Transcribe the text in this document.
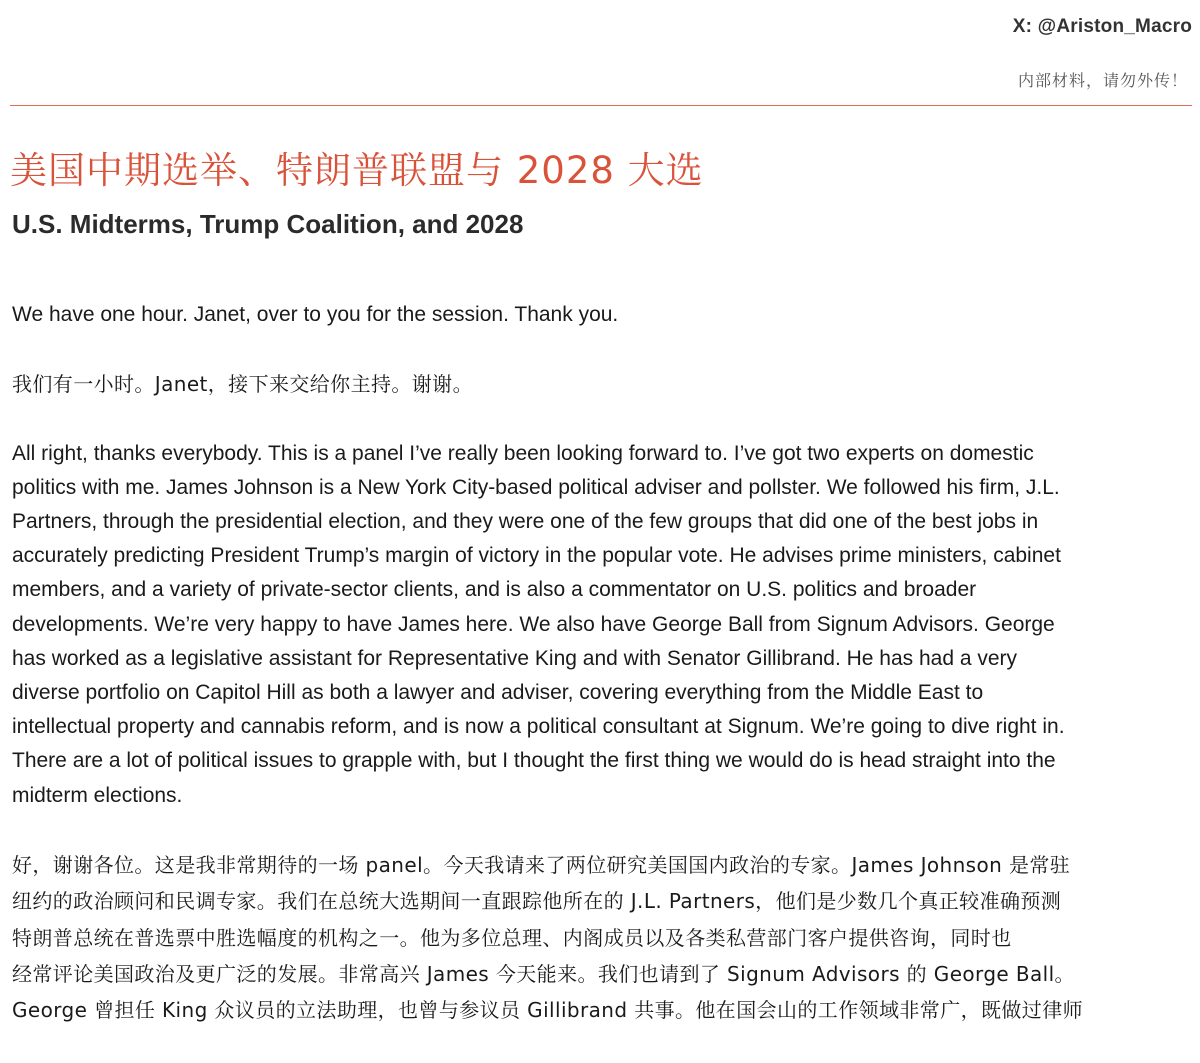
X: @Ariston_Macro
内部材料，请勿外传！
美国中期选举、特朗普联盟与 2028 大选
U.S. Midterms, Trump Coalition, and 2028

We have one hour. Janet, over to you for the session. Thank you.

我们有一小时。Janet，接下来交给你主持。谢谢。

All right, thanks everybody. This is a panel I’ve really been looking forward to. I’ve got two experts on domestic
politics with me. James Johnson is a New York City-based political adviser and pollster. We followed his firm, J.L.
Partners, through the presidential election, and they were one of the few groups that did one of the best jobs in
accurately predicting President Trump’s margin of victory in the popular vote. He advises prime ministers, cabinet
members, and a variety of private-sector clients, and is also a commentator on U.S. politics and broader
developments. We’re very happy to have James here. We also have George Ball from Signum Advisors. George
has worked as a legislative assistant for Representative King and with Senator Gillibrand. He has had a very
diverse portfolio on Capitol Hill as both a lawyer and adviser, covering everything from the Middle East to
intellectual property and cannabis reform, and is now a political consultant at Signum. We’re going to dive right in.
There are a lot of political issues to grapple with, but I thought the first thing we would do is head straight into the
midterm elections.

好，谢谢各位。这是我非常期待的一场 panel。今天我请来了两位研究美国国内政治的专家。James Johnson 是常驻
纽约的政治顾问和民调专家。我们在总统大选期间一直跟踪他所在的 J.L. Partners，他们是少数几个真正较准确预测
特朗普总统在普选票中胜选幅度的机构之一。他为多位总理、内阁成员以及各类私营部门客户提供咨询，同时也
经常评论美国政治及更广泛的发展。非常高兴 James 今天能来。我们也请到了 Signum Advisors 的 George Ball。
George 曾担任 King 众议员的立法助理，也曾与参议员 Gillibrand 共事。他在国会山的工作领域非常广，既做过律师
